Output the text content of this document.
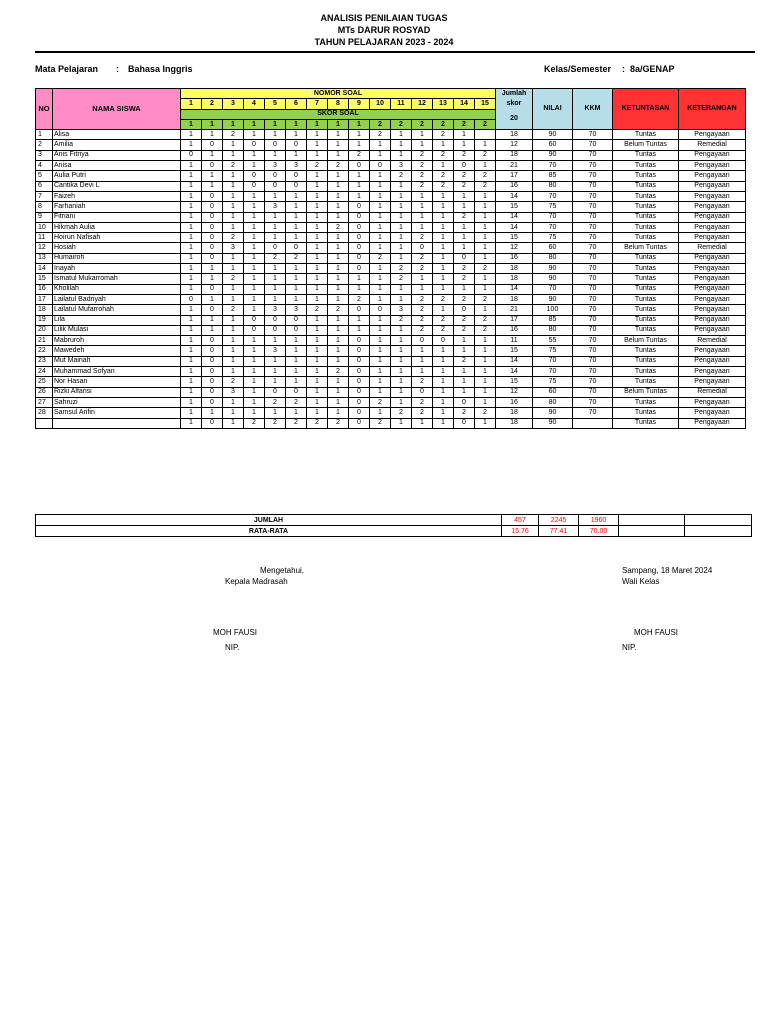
ANALISIS PENILAIAN TUGAS
MTs DARUR ROSYAD
TAHUN PELAJARAN 2023 - 2024
Mata Pelajaran : Bahasa Inggris	Kelas/Semester : 8a/GENAP
NO	NAMA SISWA	NOMOR SOAL															Jumlah	NILAI	KKM	KETUNTASAN	KETERANGAN
		1	2	3	4	5	6	7	8	9	10	11	12	13	14	15	skor				
		SKOR SOAL															20				
		1	1	1	1	1	1	1	1	1	2	2	2	2	2	2					
1	Alisa	1	1	2	1	1	1	1	1	1	2	1	1	2	1		18	90	70	Tuntas	Pengayaan
2	Amilia	1	0	1	0	0	0	1	1	1	1	1	1	1	1	1	12	60	70	Belum Tuntas	Remedial
3	Anis Fitriya	0	1	1	1	1	1	1	1	2	1	1	2	2	2	2	18	90	70	Tuntas	Pengayaan
4	Anisa	1	0	2	1	3	3	2	2	0	0	3	2	1	0	1	21	70	70	Tuntas	Pengayaan
5	Aulia Putri	1	1	1	0	0	0	1	1	1	1	2	2	2	2	2	17	85	70	Tuntas	Pengayaan
6	Cantika Devi L	1	1	1	0	0	0	1	1	1	1	1	2	2	2	2	16	80	70	Tuntas	Pengayaan
7	Faizeh	1	0	1	1	1	1	1	1	1	1	1	1	1	1	1	14	70	70	Tuntas	Pengayaan
8	Farhaniah	1	0	1	1	3	1	1	1	0	1	1	1	1	1	1	15	75	70	Tuntas	Pengayaan
9	Fitriani	1	0	1	1	1	1	1	1	0	1	1	1	1	2	1	14	70	70	Tuntas	Pengayaan
10	Hikmah Aulia	1	0	1	1	1	1	1	2	0	1	1	1	1	1	1	14	70	70	Tuntas	Pengayaan
11	Hoirun Nafisah	1	0	2	1	1	1	1	1	0	1	1	2	1	1	1	15	75	70	Tuntas	Pengayaan
12	Hosiah	1	0	3	1	0	0	1	1	0	1	1	0	1	1	1	12	60	70	Belum Tuntas	Remedial
13	Humairoh	1	0	1	1	2	2	1	1	0	2	1	2	1	0	1	16	80	70	Tuntas	Pengayaan
14	Inayah	1	1	1	1	1	1	1	1	0	1	2	2	1	2	2	18	90	70	Tuntas	Pengayaan
15	Ismatul Mukarromah	1	1	2	1	1	1	1	1	1	1	2	1	1	2	1	18	90	70	Tuntas	Pengayaan
16	Kholilah	1	0	1	1	1	1	1	1	1	1	1	1	1	1	1	14	70	70	Tuntas	Pengayaan
17	Lailatul Badriyah	0	1	1	1	1	1	1	1	2	1	1	2	2	2	2	18	90	70	Tuntas	Pengayaan
18	Lailatul Mufarrohah	1	0	2	1	3	3	2	2	0	0	3	2	1	0	1	21	100	70	Tuntas	Pengayaan
19	Lila	1	1	1	0	0	0	1	1	1	1	2	2	2	2	2	17	85	70	Tuntas	Pengayaan
20	Lilik Mulasi	1	1	1	0	0	0	1	1	1	1	1	2	2	2	2	16	80	70	Tuntas	Pengayaan
21	Mabruroh	1	0	1	1	1	1	1	1	0	1	1	0	0	1	1	11	55	70	Belum Tuntas	Remedial
22	Mawedeh	1	0	1	1	3	1	1	1	0	1	1	1	1	1	1	15	75	70	Tuntas	Pengayaan
23	Mut Mainah	1	0	1	1	1	1	1	1	0	1	1	1	1	2	1	14	70	70	Tuntas	Pengayaan
24	Muhammad Sofyan	1	0	1	1	1	1	1	2	0	1	1	1	1	1	1	14	70	70	Tuntas	Pengayaan
25	Nor Hasan	1	0	2	1	1	1	1	1	0	1	1	2	1	1	1	15	75	70	Tuntas	Pengayaan
26	Rizki Alfarisi	1	0	3	1	0	0	1	1	0	1	1	0	1	1	1	12	60	70	Belum Tuntas	Remedial
27	Sahruzi	1	0	1	1	2	2	1	1	0	2	1	2	1	0	1	16	80	70	Tuntas	Pengayaan
28	Samsul Arifin	1	1	1	1	1	1	1	1	0	1	2	2	1	2	2	18	90	70	Tuntas	Pengayaan
		1	0	1	2	2	2	2	2	0	2	1	1	1	0	1	18	90		Tuntas	Pengayaan
JUMLAH	457	2245	1960		
RATA-RATA	15.76	77.41	70.00		
Mengetahui,
Kepala Madrasah
MOH FAUSI
NIP.
Sampang, 18 Maret 2024
Wali Kelas
MOH FAUSI
NIP.
